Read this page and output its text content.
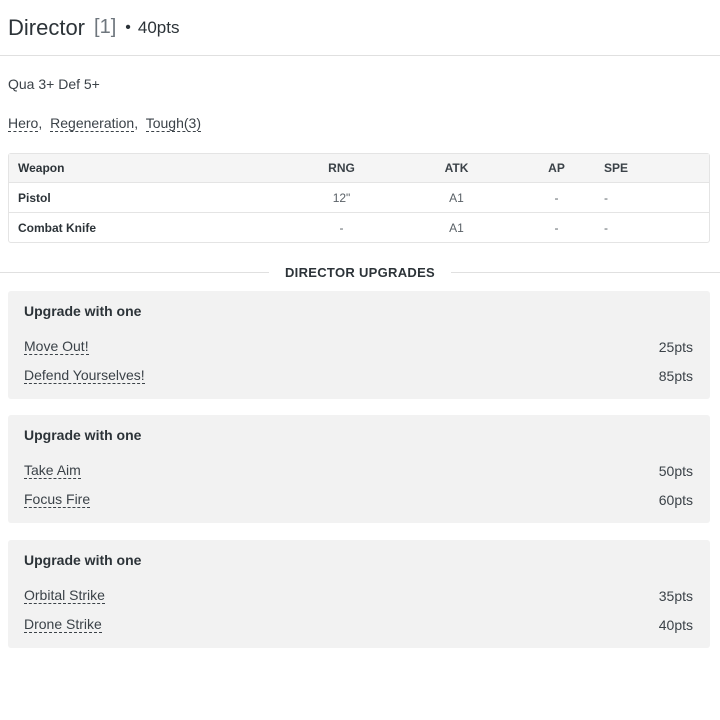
Director [1] • 40pts
Qua 3+ Def 5+
Hero, Regeneration, Tough(3)
Weapon	RNG	ATK	AP	SPE
Pistol	12"	A1	-	-
Combat Knife	-	A1	-	-
DIRECTOR UPGRADES
Upgrade with one
Move Out!	25pts
Defend Yourselves!	85pts
Upgrade with one
Take Aim	50pts
Focus Fire	60pts
Upgrade with one
Orbital Strike	35pts
Drone Strike	40pts
